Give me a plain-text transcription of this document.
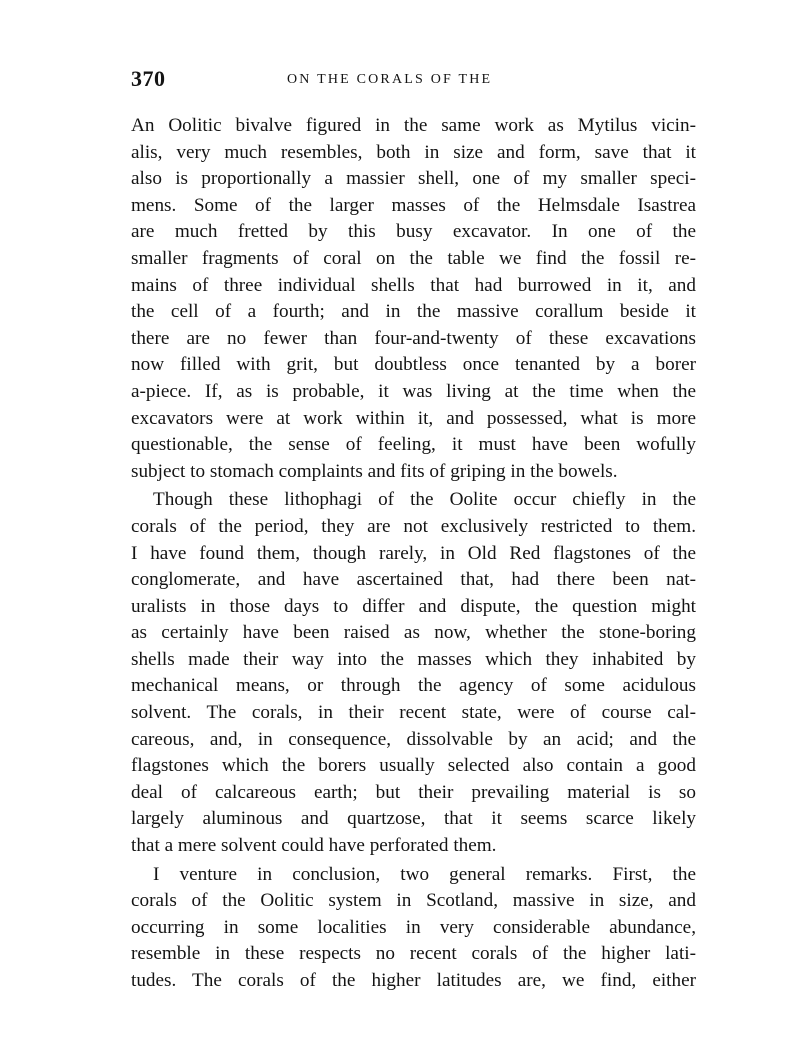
370	ON THE CORALS OF THE
An Oolitic bivalve figured in the same work as Mytilus vicin-
alis, very much resembles, both in size and form, save that it
also is proportionally a massier shell, one of my smaller speci-
mens. Some of the larger masses of the Helmsdale Isastrea
are much fretted by this busy excavator. In one of the
smaller fragments of coral on the table we find the fossil re-
mains of three individual shells that had burrowed in it, and
the cell of a fourth; and in the massive corallum beside it
there are no fewer than four-and-twenty of these excavations
now filled with grit, but doubtless once tenanted by a borer
a-piece. If, as is probable, it was living at the time when the
excavators were at work within it, and possessed, what is more
questionable, the sense of feeling, it must have been wofully
subject to stomach complaints and fits of griping in the bowels.
Though these lithophagi of the Oolite occur chiefly in the
corals of the period, they are not exclusively restricted to them.
I have found them, though rarely, in Old Red flagstones of the
conglomerate, and have ascertained that, had there been nat-
uralists in those days to differ and dispute, the question might
as certainly have been raised as now, whether the stone-boring
shells made their way into the masses which they inhabited by
mechanical means, or through the agency of some acidulous
solvent. The corals, in their recent state, were of course cal-
careous, and, in consequence, dissolvable by an acid; and the
flagstones which the borers usually selected also contain a good
deal of calcareous earth; but their prevailing material is so
largely aluminous and quartzose, that it seems scarce likely
that a mere solvent could have perforated them.
I venture in conclusion, two general remarks. First, the
corals of the Oolitic system in Scotland, massive in size, and
occurring in some localities in very considerable abundance,
resemble in these respects no recent corals of the higher lati-
tudes. The corals of the higher latitudes are, we find, either
